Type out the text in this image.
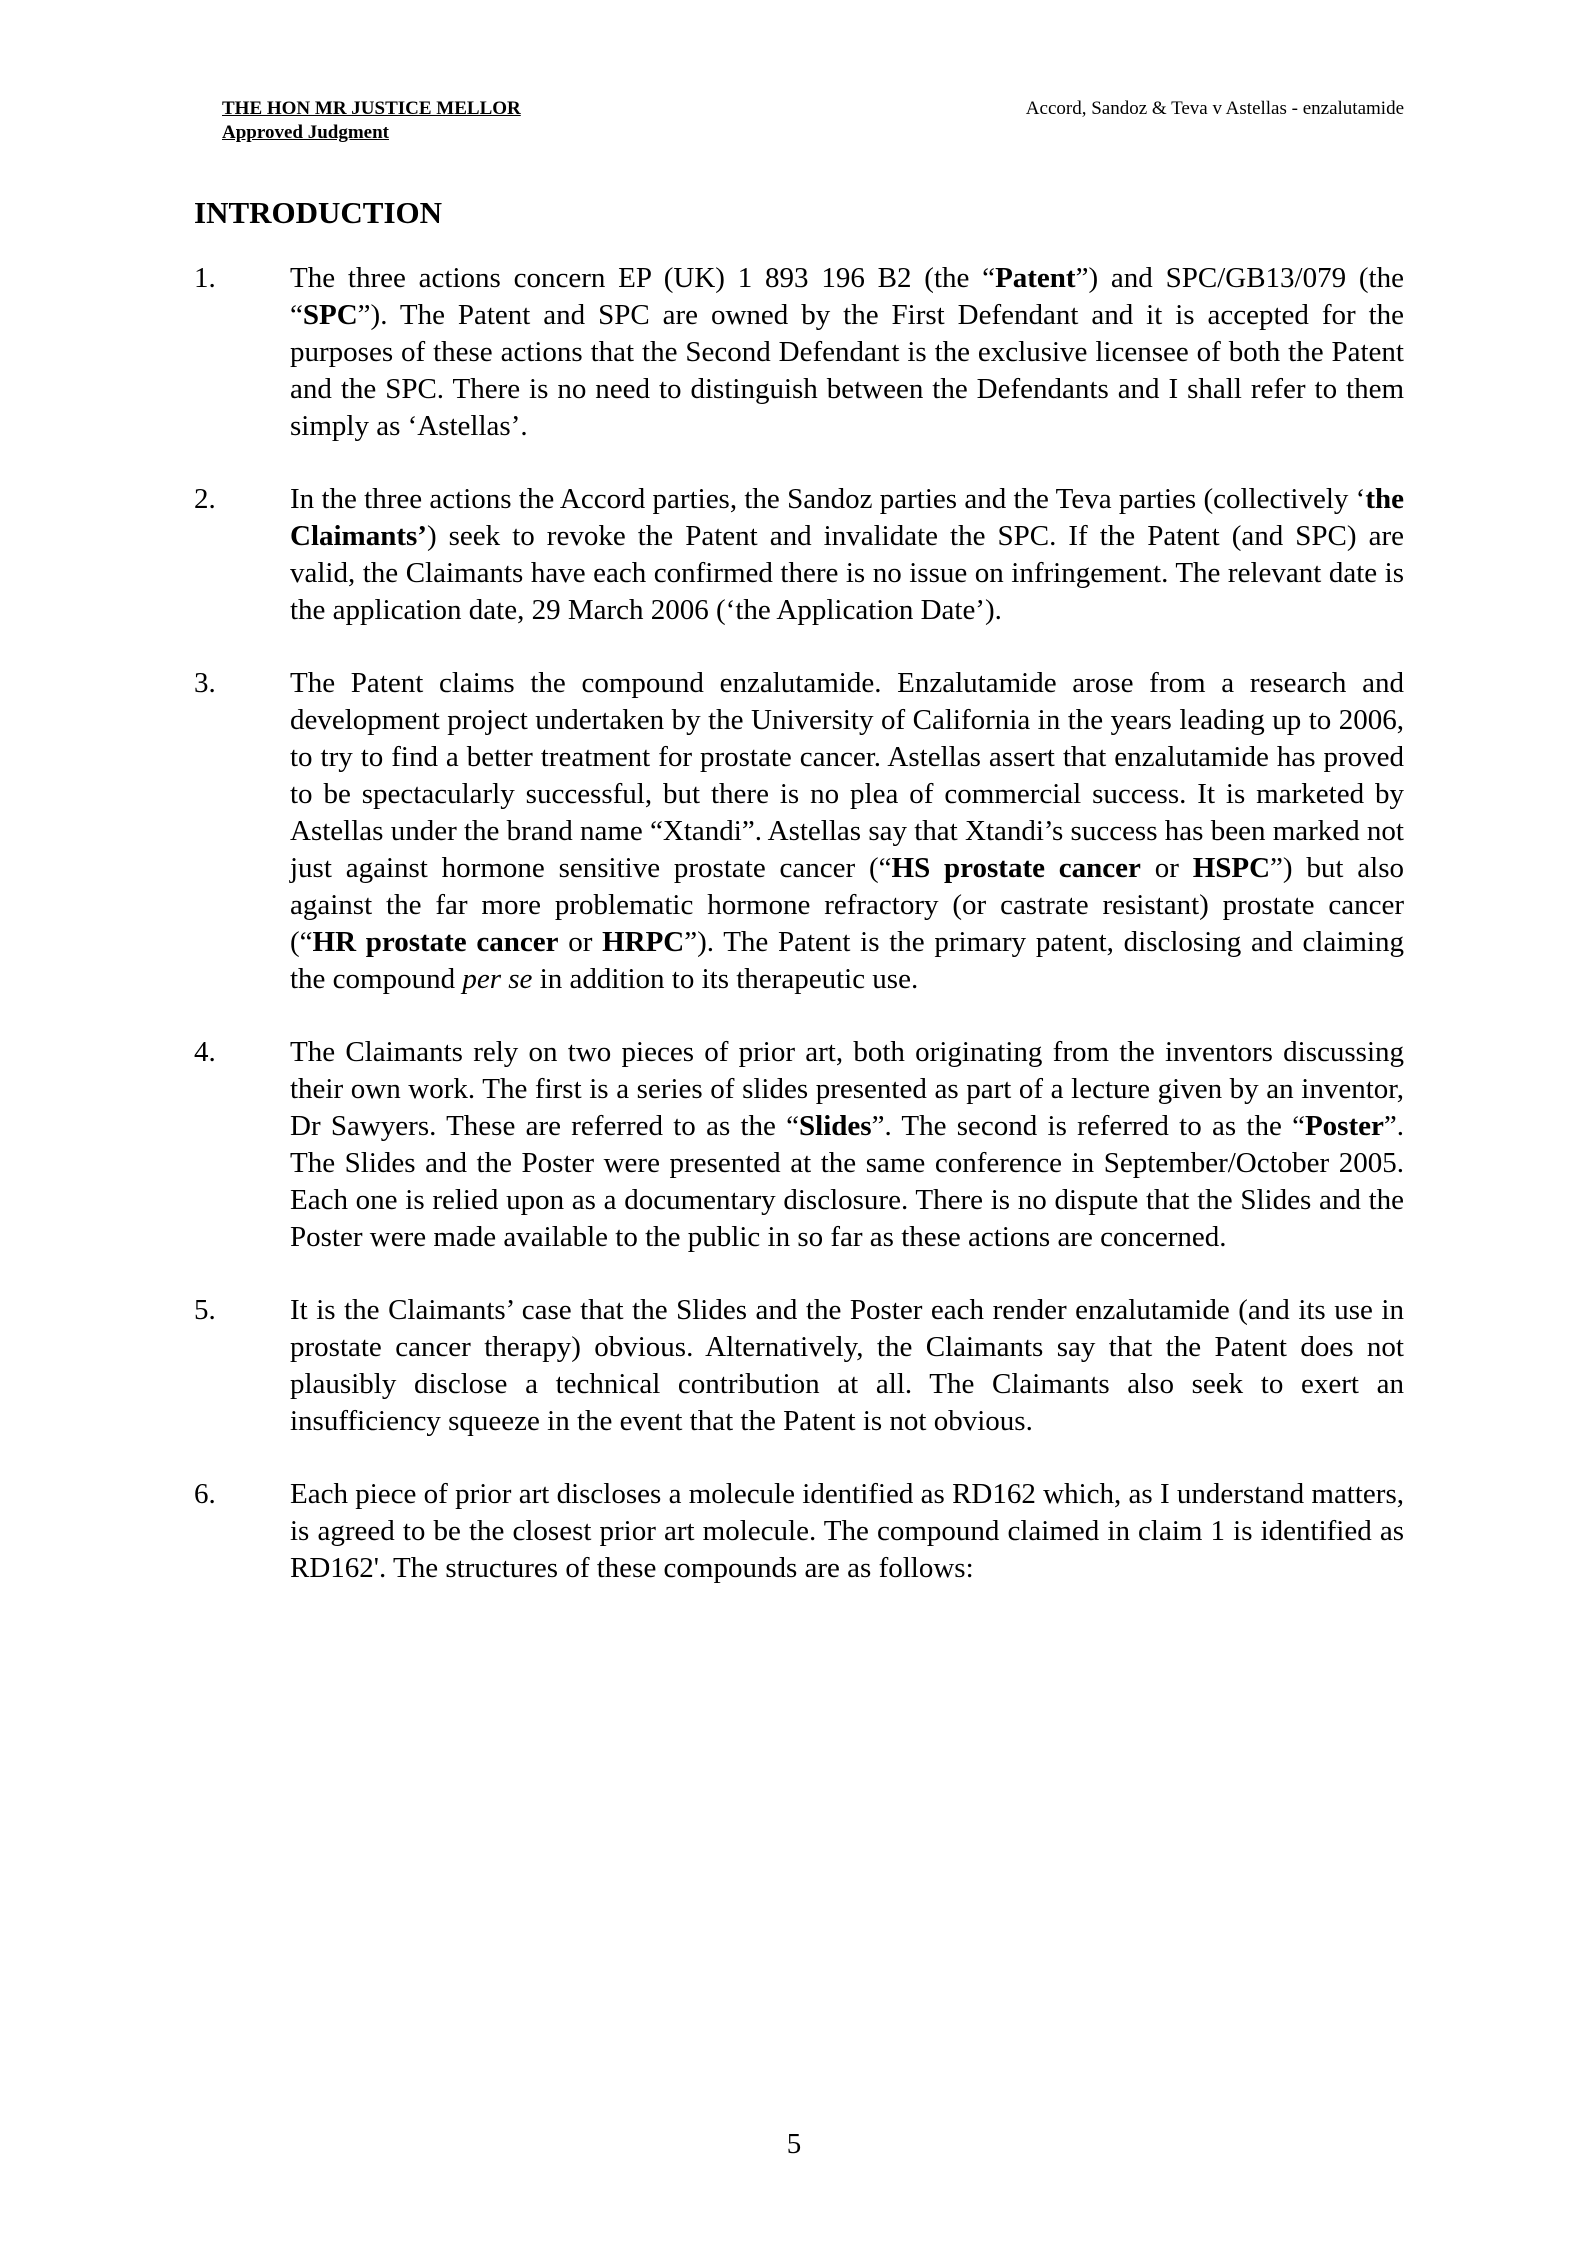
THE HON MR JUSTICE MELLOR
Approved Judgment
Accord, Sandoz & Teva v Astellas - enzalutamide
INTRODUCTION
1.	The three actions concern EP (UK) 1 893 196 B2 (the “Patent”) and SPC/GB13/079 (the “SPC”). The Patent and SPC are owned by the First Defendant and it is accepted for the purposes of these actions that the Second Defendant is the exclusive licensee of both the Patent and the SPC. There is no need to distinguish between the Defendants and I shall refer to them simply as ‘Astellas’.
2.	In the three actions the Accord parties, the Sandoz parties and the Teva parties (collectively ‘the Claimants’) seek to revoke the Patent and invalidate the SPC. If the Patent (and SPC) are valid, the Claimants have each confirmed there is no issue on infringement. The relevant date is the application date, 29 March 2006 (‘the Application Date’).
3.	The Patent claims the compound enzalutamide. Enzalutamide arose from a research and development project undertaken by the University of California in the years leading up to 2006, to try to find a better treatment for prostate cancer. Astellas assert that enzalutamide has proved to be spectacularly successful, but there is no plea of commercial success. It is marketed by Astellas under the brand name “Xtandi”. Astellas say that Xtandi’s success has been marked not just against hormone sensitive prostate cancer (“HS prostate cancer or HSPC”) but also against the far more problematic hormone refractory (or castrate resistant) prostate cancer (“HR prostate cancer or HRPC”). The Patent is the primary patent, disclosing and claiming the compound per se in addition to its therapeutic use.
4.	The Claimants rely on two pieces of prior art, both originating from the inventors discussing their own work. The first is a series of slides presented as part of a lecture given by an inventor, Dr Sawyers. These are referred to as the “Slides”. The second is referred to as the “Poster”. The Slides and the Poster were presented at the same conference in September/October 2005. Each one is relied upon as a documentary disclosure. There is no dispute that the Slides and the Poster were made available to the public in so far as these actions are concerned.
5.	It is the Claimants’ case that the Slides and the Poster each render enzalutamide (and its use in prostate cancer therapy) obvious. Alternatively, the Claimants say that the Patent does not plausibly disclose a technical contribution at all. The Claimants also seek to exert an insufficiency squeeze in the event that the Patent is not obvious.
6.	Each piece of prior art discloses a molecule identified as RD162 which, as I understand matters, is agreed to be the closest prior art molecule. The compound claimed in claim 1 is identified as RD162'. The structures of these compounds are as follows:
5
